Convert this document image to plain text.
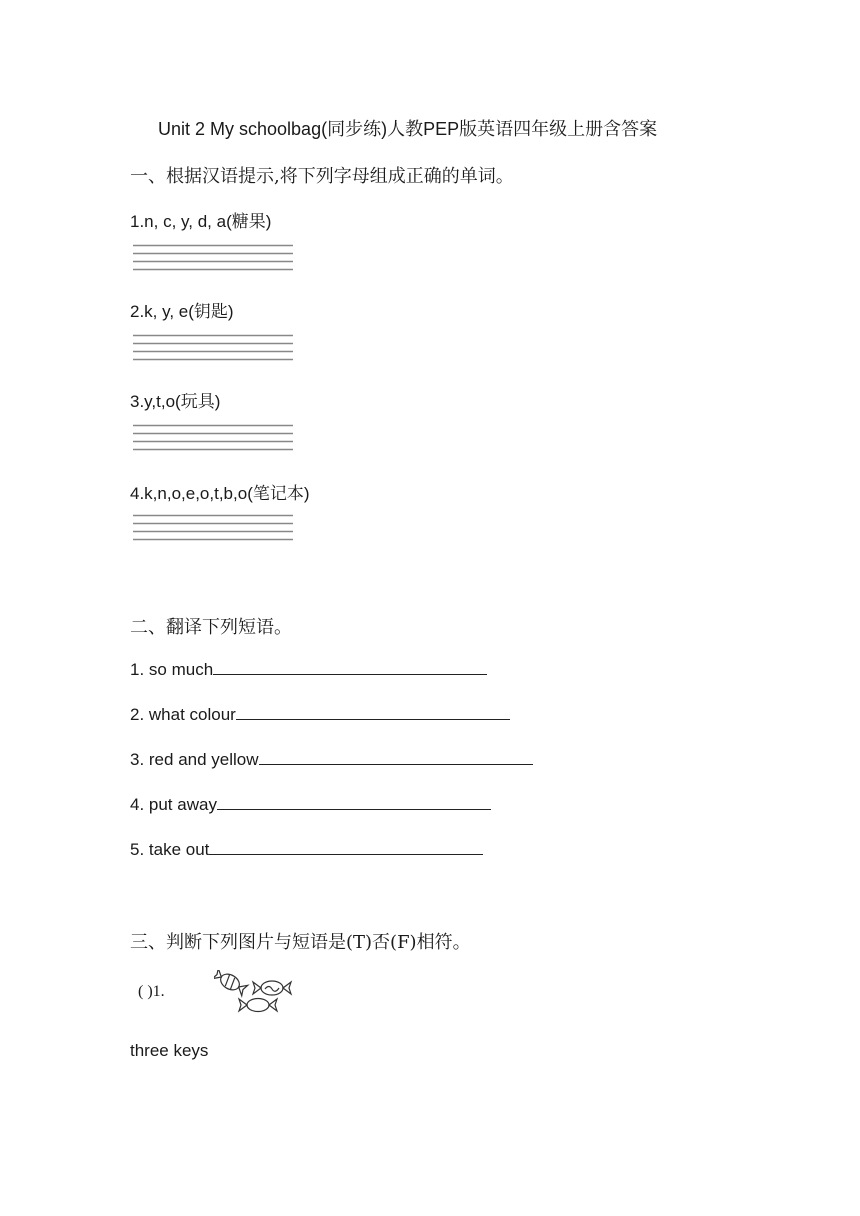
Unit 2 My schoolbag(同步练)人教PEP版英语四年级上册含答案
一、根据汉语提示,将下列字母组成正确的单词。
1.n, c, y, d, a(糖果)
2.k, y, e(钥匙)
3.y,t,o(玩具)
4.k,n,o,e,o,t,b,o(笔记本)
二、翻译下列短语。
1. so much
2. what colour
3. red and yellow
4. put away
5. take out
三、判断下列图片与短语是(T)否(F)相符。
( )1.
three keys
